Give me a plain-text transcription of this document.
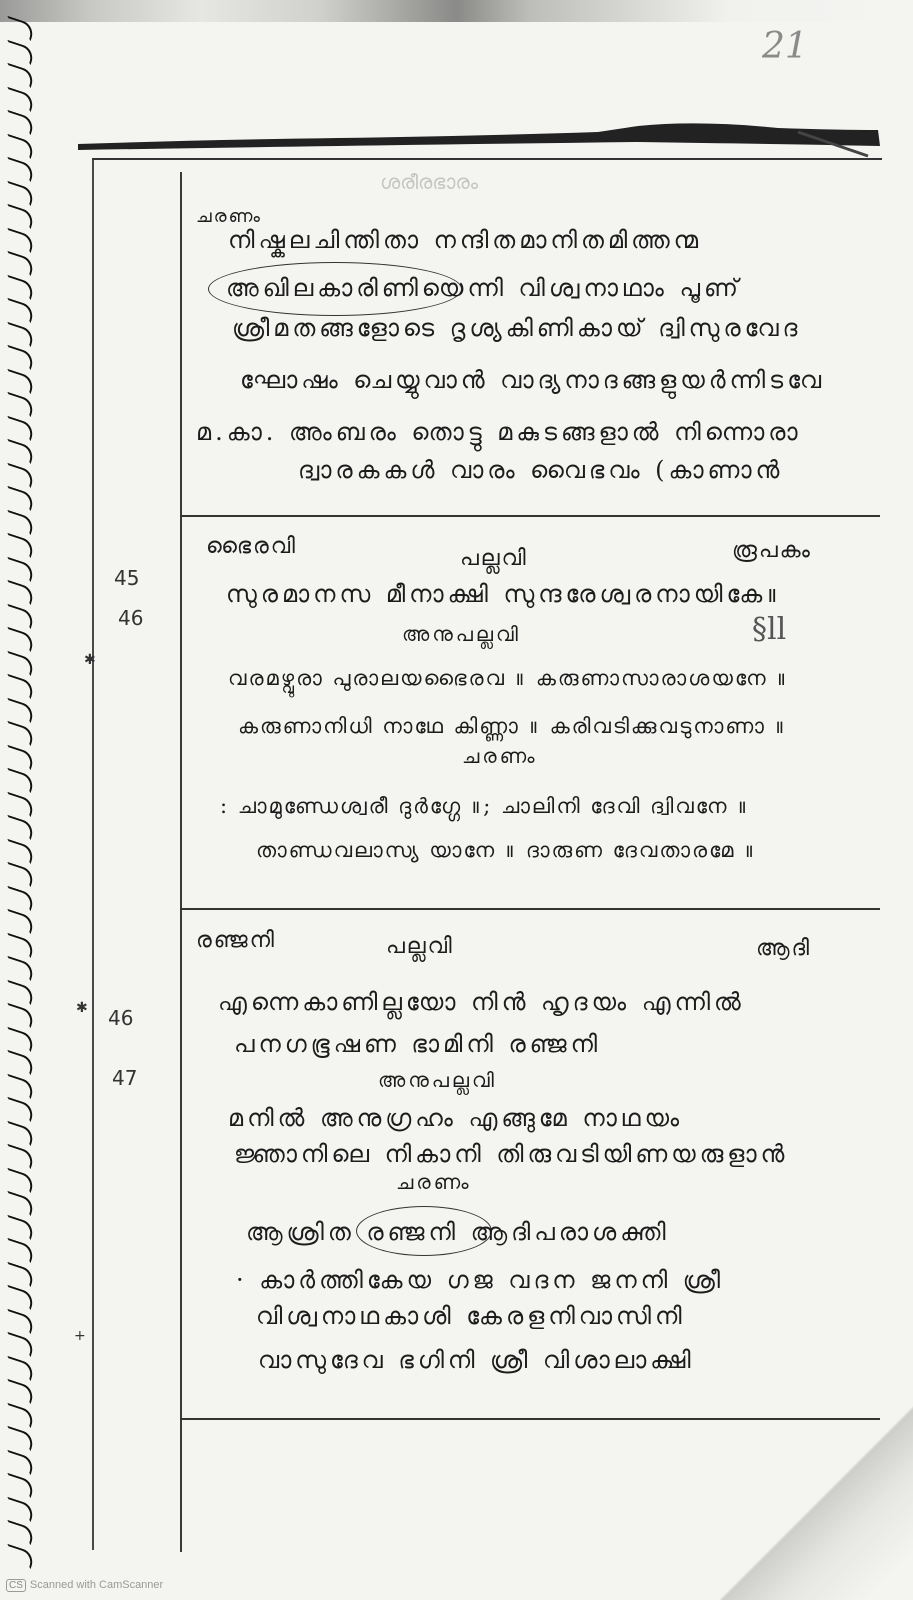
21
ശരീരഭാരം
ചരണം
നിഷ്കലചിന്തിതാ നന്ദിതമാനിതമിത്തന്മ
അഖിലകാരിണിയെന്നി വിശ്വനാഥാം പൂണ്
ശ്രീമതങ്ങളോടെ ദൃശ്യകിണികായ് ദ്വിസുരവേദ
ഘോഷം ചെയ്യുവാൻ വാദ്യനാദങ്ങളുയർന്നിടവേ
മ.കാ. അംബരം തൊട്ടു മകുടങ്ങളാൽ നിന്നൊരാ
ദ്വാരകകൾ വാരം വൈഭവം (കാണാൻ
ഭൈരവി	പല്ലവി	രൂപകം
45
46
സുരമാനസ മീനാക്ഷി സുന്ദരേശ്വരനായികേ॥
അനുപല്ലവി	§ll
വരമഴ്വുരാ പുരാലയഭൈരവ ॥ കരുണാസാരാശയനേ ॥
കരുണാനിധി നാഥേ കിണ്ണാ ॥ കരിവടിക്കുവടുനാണാ ॥
ചരണം
: ചാമുണ്ഡേശ്വരീ ദുർഗ്ഗേ ॥; ചാലിനി ദേവി ദ്വിവനേ ॥
താണ്ഡവലാസ്യ യാനേ ॥ ദാരുണ ദേവതാരമേ ॥
രഞ്ജനി	പല്ലവി	ആദി
46
47
എന്നെകാണില്ലയോ നിൻ ഹൃദയം എന്നിൽ
പനഗഭൂഷണ ഭാമിനി രഞ്ജനി
അനുപല്ലവി
മനിൽ അനുഗ്രഹം എങ്ങുമേ നാഥയം
ജ്ഞാനിലെ നികാനി തിരുവടിയിണയരുളാൻ
ചരണം
ആശ്രിത രഞ്ജനി ആദിപരാശക്തി
· കാർത്തികേയ ഗജ വദന ജനനി ശ്രീ
വിശ്വനാഥകാശി കേരളനിവാസിനി
വാസുദേവ ഭഗിനി ശ്രീ വിശാലാക്ഷി
✱
✱
+
CS Scanned with CamScanner
